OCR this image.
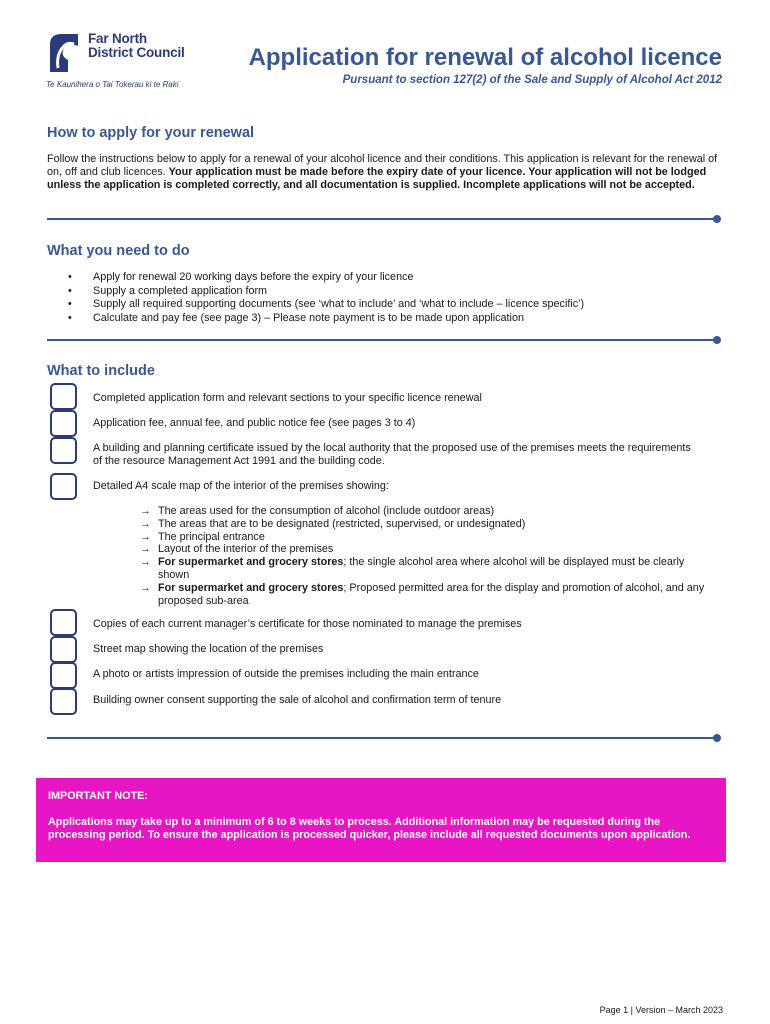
Far North
District Council
Te Kaunihera o Tai Tokerau ki te Raki
Application for renewal of alcohol licence
Pursuant to section 127(2) of the Sale and Supply of Alcohol Act 2012
How to apply for your renewal
Follow the instructions below to apply for a renewal of your alcohol licence and their conditions. This application is relevant for the renewal of on, off and club licences. Your application must be made before the expiry date of your licence. Your application will not be lodged unless the application is completed correctly, and all documentation is supplied. Incomplete applications will not be accepted.
What you need to do
• Apply for renewal 20 working days before the expiry of your licence
• Supply a completed application form
• Supply all required supporting documents (see ‘what to include’ and ‘what to include – licence specific’)
• Calculate and pay fee (see page 3) – Please note payment is to be made upon application
What to include
Completed application form and relevant sections to your specific licence renewal
Application fee, annual fee, and public notice fee (see pages 3 to 4)
A building and planning certificate issued by the local authority that the proposed use of the premises meets the requirements of the resource Management Act 1991 and the building code.
Detailed A4 scale map of the interior of the premises showing:
→ The areas used for the consumption of alcohol (include outdoor areas)
→ The areas that are to be designated (restricted, supervised, or undesignated)
→ The principal entrance
→ Layout of the interior of the premises
→ For supermarket and grocery stores; the single alcohol area where alcohol will be displayed must be clearly shown
→ For supermarket and grocery stores; Proposed permitted area for the display and promotion of alcohol, and any proposed sub-area
Copies of each current manager’s certificate for those nominated to manage the premises
Street map showing the location of the premises
A photo or artists impression of outside the premises including the main entrance
Building owner consent supporting the sale of alcohol and confirmation term of tenure
IMPORTANT NOTE:
Applications may take up to a minimum of 6 to 8 weeks to process. Additional information may be requested during the processing period. To ensure the application is processed quicker, please include all requested documents upon application.
Page 1 | Version – March 2023
